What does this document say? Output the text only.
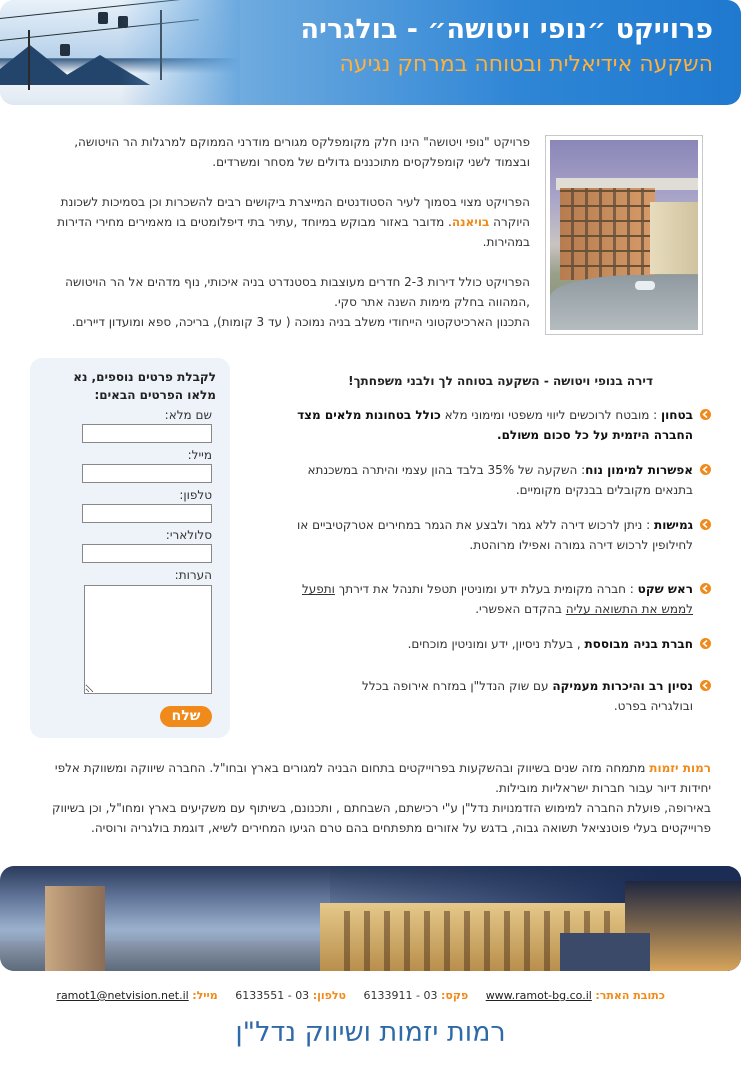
פרוייקט ״נופי ויטושה״ - בולגריה
השקעה אידיאלית ובטוחה במרחק נגיעה

פרויקט "נופי ויטושה" הינו חלק מקומפלקס מגורים מודרני הממוקם למרגלות הר הויטושה, ובצמוד לשני קומפלקסים מתוכננים גדולים של מסחר ומשרדים.

הפרויקט מצוי בסמוך לעיר הסטודנטים המייצרת ביקושים רבים להשכרות וכן בסמיכות לשכונת היוקרה בויאנה. מדובר באזור מבוקש במיוחד ,עתיר בתי דיפלומטים בו מאמירים מחירי הדירות במהירות.

הפרויקט כולל דירות 2-3 חדרים מעוצבות בסטנדרט בניה איכותי, נוף מדהים אל הר הויטושה ,המהווה בחלק מימות השנה אתר סקי.
התכנון הארכיטקטוני הייחודי משלב בניה נמוכה ( עד 3 קומות), בריכה, ספא ומועדון דיירים.

לקבלת פרטים נוספים, נא מלאו הפרטים הבאים:
שם מלא:
מייל:
טלפון:
סלולארי:
הערות:
שלח
דירה בנופי ויטושה - השקעה בטוחה לך ולבני משפחתך!
בטחון : מובטח לרוכשים ליווי משפטי ומימוני מלא כולל בטחונות מלאים מצד החברה היזמית על כל סכום משולם.
אפשרות למימון נוח: השקעה של 35% בלבד בהון עצמי והיתרה במשכנתא בתנאים מקובלים בבנקים מקומיים.
גמישות : ניתן לרכוש דירה ללא גמר ולבצע את הגמר במחירים אטרקטיביים או לחילופין לרכוש דירה גמורה ואפילו מרוהטת.
ראש שקט : חברה מקומית בעלת ידע ומוניטין תטפל ותנהל את דירתך ותפעל לממש את התשואה עליה בהקדם האפשרי.
חברת בניה מבוססת , בעלת ניסיון, ידע ומוניטין מוכחים.
נסיון רב והיכרות מעמיקה עם שוק הנדל"ן במזרח אירופה בכלל ובולגריה בפרט.
רמות יזמות מתמחה מזה שנים בשיווק ובהשקעות בפרוייקטים בתחום הבניה למגורים בארץ ובחו"ל. החברה שיווקה ומשווקת אלפי יחידות דיור עבור חברות ישראליות מובילות.
באירופה, פועלת החברה למימוש הזדמנויות נדל"ן ע"י רכישתם, השבחתם , ותכנונם, בשיתוף עם משקיעים בארץ ומחו"ל, וכן בשיווק פרוייקטים בעלי פוטנציאל תשואה גבוה, בדגש על אזורים מתפתחים בהם טרם הגיעו המחירים לשיא, דוגמת בולגריה ורוסיה.
כתובת האתר: www.ramot-bg.co.il פקס: 03 - 6133911 טלפון: 03 - 6133551 מייל: ramot1@netvision.net.il
רמות יזמות ושיווק נדל"ן
